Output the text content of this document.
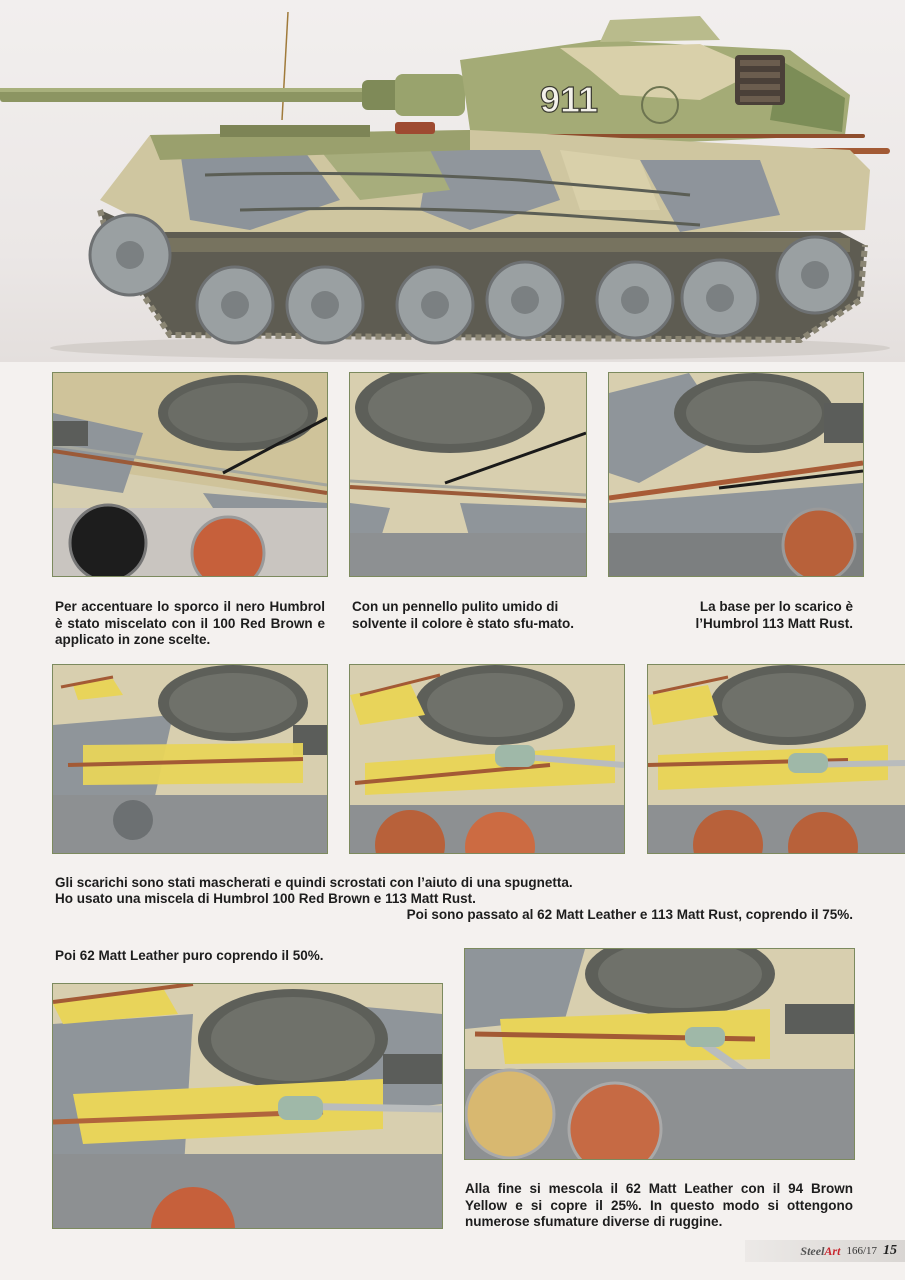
911
Per accentuare lo sporco il nero Humbrol è stato miscelato con il 100 Red Brown e applicato in zone scelte.
Con un pennello pulito umido di solvente il colore è stato sfu-mato.
La base per lo scarico è l’Humbrol 113 Matt Rust.
Gli scarichi sono stati mascherati e quindi scrostati con l’aiuto di una spugnetta.
Ho usato una miscela di Humbrol 100 Red Brown e 113 Matt Rust.
Poi sono passato al 62 Matt Leather e 113 Matt Rust, coprendo il 75%.
Poi 62 Matt Leather puro coprendo il 50%.
Alla fine si mescola il 62 Matt Leather con il 94 Brown Yellow e si copre il 25%. In questo modo si ottengono numerose sfumature diverse di ruggine.
SteelArt 166/17 15
